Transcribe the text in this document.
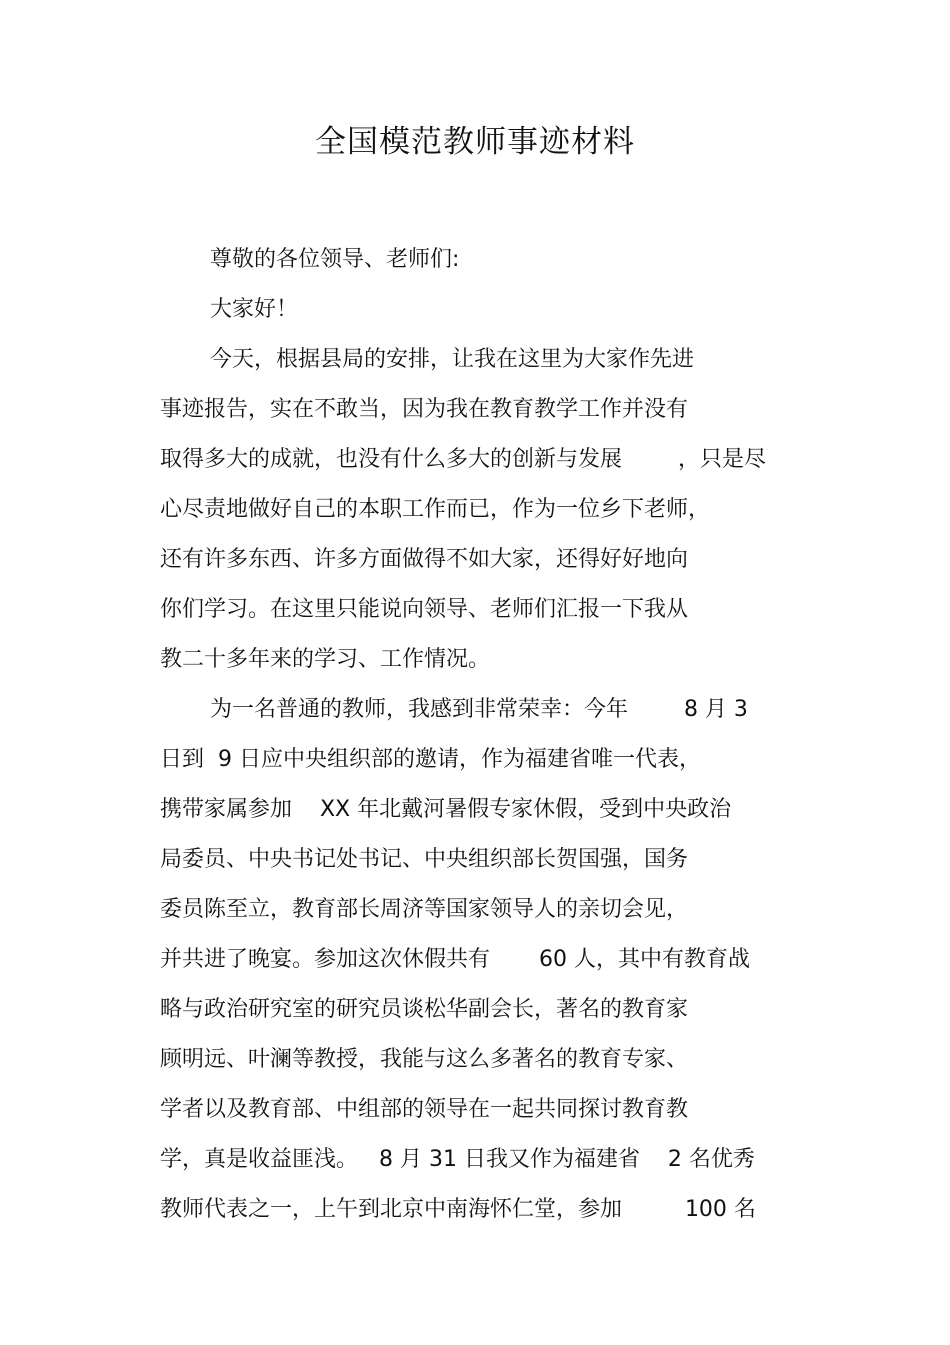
全国模范教师事迹材料
尊敬的各位领导、老师们:
大家好！
今天，根据县局的安排，让我在这里为大家作先进
事迹报告，实在不敢当，因为我在教育教学工作并没有
取得多大的成就，也没有什么多大的创新与发展        ，只是尽
心尽责地做好自己的本职工作而已，作为一位乡下老师，
还有许多东西、许多方面做得不如大家，还得好好地向
你们学习。在这里只能说向领导、老师们汇报一下我从
教二十多年来的学习、工作情况。
为一名普通的教师，我感到非常荣幸：今年        8 月 3
日到  9 日应中央组织部的邀请，作为福建省唯一代表，
携带家属参加    XX 年北戴河暑假专家休假，受到中央政治
局委员、中央书记处书记、中央组织部长贺国强，国务
委员陈至立，教育部长周济等国家领导人的亲切会见，
并共进了晚宴。参加这次休假共有       60 人，其中有教育战
略与政治研究室的研究员谈松华副会长，著名的教育家
顾明远、叶澜等教授，我能与这么多著名的教育专家、
学者以及教育部、中组部的领导在一起共同探讨教育教
学，真是收益匪浅。   8 月 31 日我又作为福建省    2 名优秀
教师代表之一，上午到北京中南海怀仁堂，参加         100 名
